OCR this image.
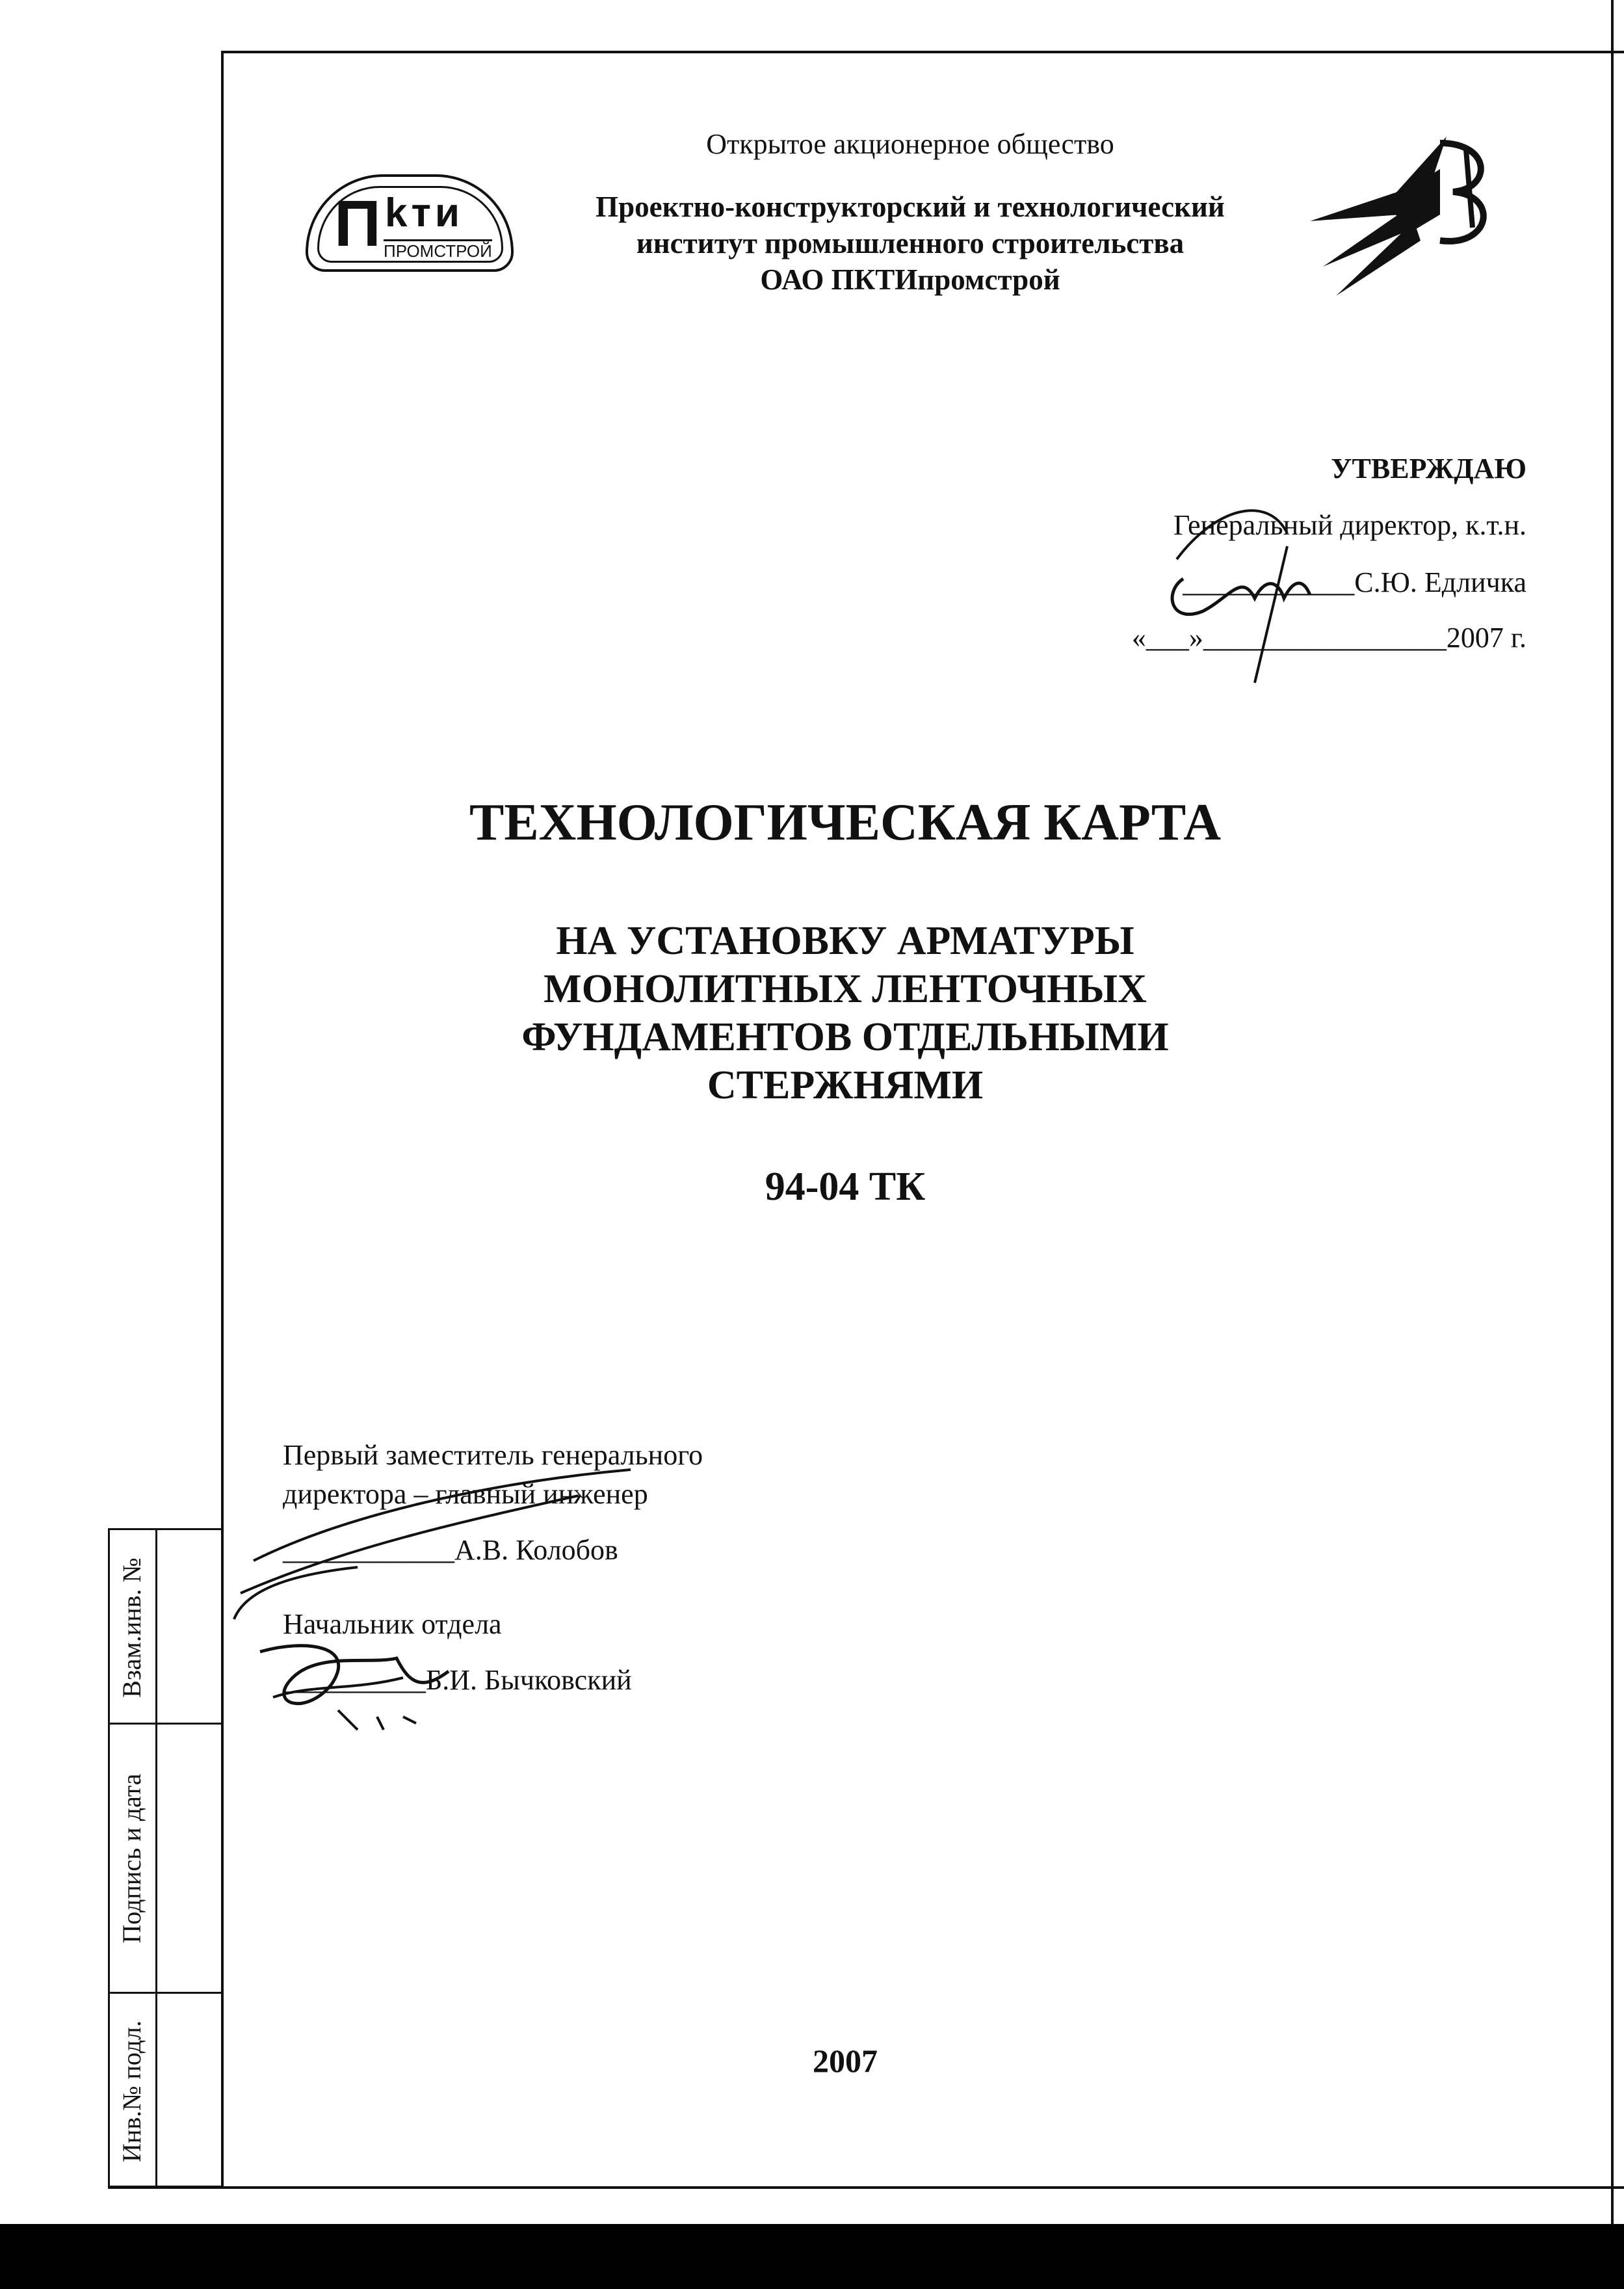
Взам.инв. №
Подпись и дата
Инв.№ подл.
П kти
ПРОМСТРОЙ
Открытое акционерное общество
Проектно-конструкторский и технологический
институт промышленного строительства
ОАО ПКТИпромстрой
УТВЕРЖДАЮ
Генеральный директор, к.т.н.
____________С.Ю. Едличка
«___»_________________2007 г.
ТЕХНОЛОГИЧЕСКАЯ КАРТА
НА УСТАНОВКУ АРМАТУРЫ
МОНОЛИТНЫХ ЛЕНТОЧНЫХ
ФУНДАМЕНТОВ ОТДЕЛЬНЫМИ
СТЕРЖНЯМИ
94-04 ТК
Первый заместитель генерального
директора – главный инженер
____________А.В. Колобов
Начальник отдела
__________Б.И. Бычковский
2007
